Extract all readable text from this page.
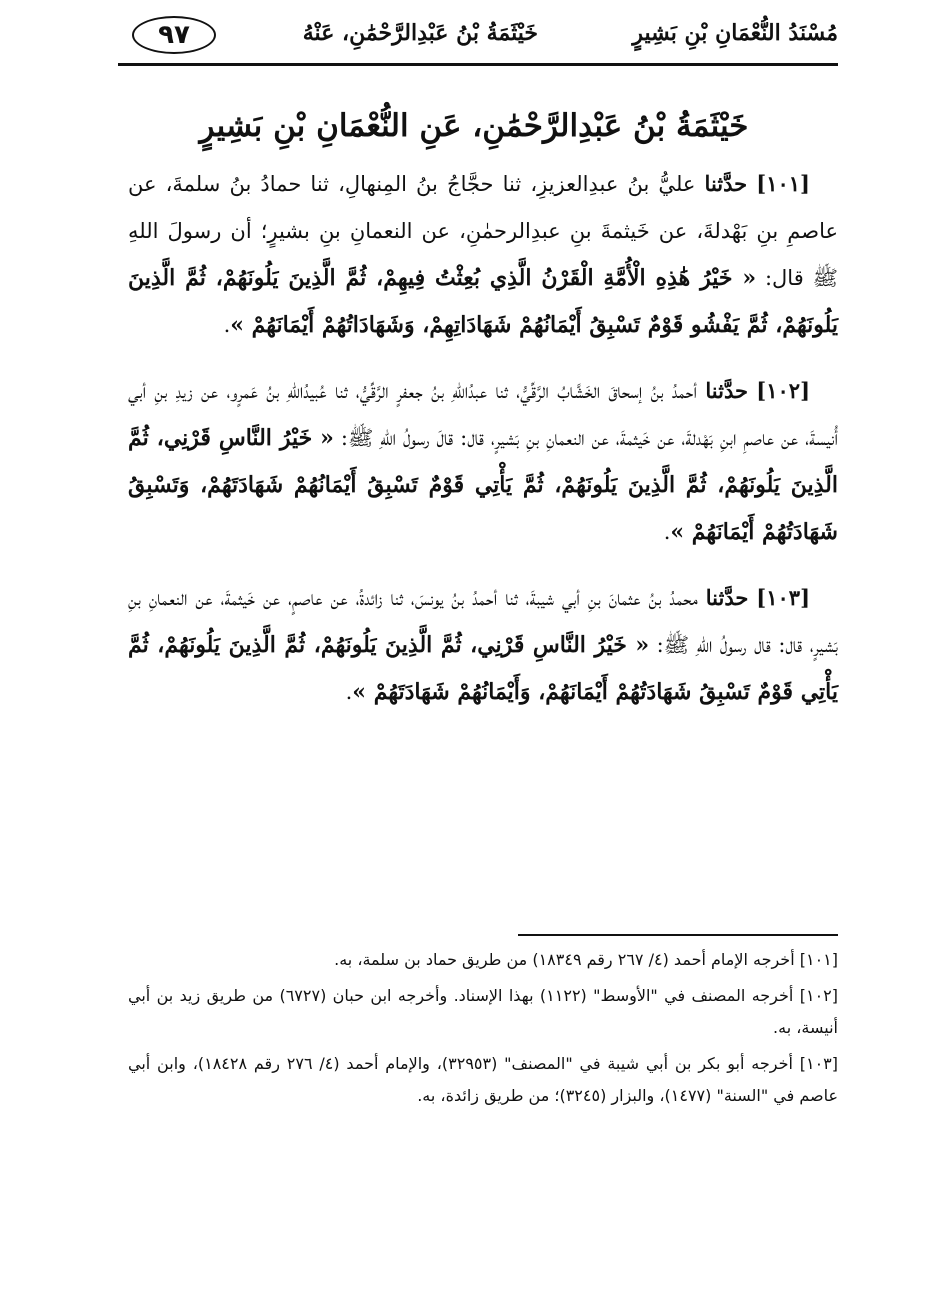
مُسْنَدُ النُّعْمَانِ بْنِ بَشِيرٍ
خَيْثَمَةُ بْنُ عَبْدِالرَّحْمَٰنِ، عَنْهُ
٩٧
خَيْثَمَةُ بْنُ عَبْدِالرَّحْمَٰنِ، عَنِ النُّعْمَانِ بْنِ بَشِيرٍ

[١٠١] حدَّثنا عليُّ بنُ عبدِالعزيزِ، ثنا حجَّاجُ بنُ المِنهالِ، ثنا حمادُ بنُ سلمةَ، عن عاصمِ بنِ بَهْدلةَ، عن خَيثمةَ بنِ عبدِالرحمٰنِ، عن النعمانِ بنِ بشيرٍ؛ أن رسولَ اللهِ ﷺ قال: « خَيْرُ هَٰذِهِ الْأُمَّةِ الْقَرْنُ الَّذِي بُعِثْتُ فِيهِمْ، ثُمَّ الَّذِينَ يَلُونَهُمْ، ثُمَّ الَّذِينَ يَلُونَهُمْ، ثُمَّ يَفْشُو قَوْمٌ تَسْبِقُ أَيْمَانُهُمْ شَهَادَاتِهِمْ، وَشَهَادَاتُهُمْ أَيْمَانَهُمْ ».

[١٠٢] حدَّثنا أحمدُ بنُ إسحاقَ الخَشَّابُ الرَّقِّيُّ، ثنا عبدُاللهِ بنُ جعفرٍ الرَّقِّيُّ، ثنا عُبيدُاللهِ بنُ عَمرٍو، عن زيدِ بنِ أبي أُنيسةَ، عن عاصمِ ابنِ بَهْدلةَ، عن خَيثمةَ، عن النعمانِ بنِ بَشيرٍ، قال: قالَ رسولُ اللهِ ﷺ: « خَيْرُ النَّاسِ قَرْنِي، ثُمَّ الَّذِينَ يَلُونَهُمْ، ثُمَّ الَّذِينَ يَلُونَهُمْ، ثُمَّ يَأْتِي قَوْمٌ تَسْبِقُ أَيْمَانُهُمْ شَهَادَتَهُمْ، وَتَسْبِقُ شَهَادَتُهُمْ أَيْمَانَهُمْ ».

[١٠٣] حدَّثنا محمدُ بنُ عثمانَ بنِ أبي شيبةَ، ثنا أحمدُ بنُ يونسَ، ثنا زائدةُ، عن عاصمٍ، عن خَيثمةَ، عن النعمانِ بنِ بَشيرٍ، قال: قال رسولُ اللهِ ﷺ: « خَيْرُ النَّاسِ قَرْنِي، ثُمَّ الَّذِينَ يَلُونَهُمْ، ثُمَّ الَّذِينَ يَلُونَهُمْ، ثُمَّ يَأْتِي قَوْمٌ تَسْبِقُ شَهَادَتُهُمْ أَيْمَانَهُمْ، وَأَيْمَانُهُمْ شَهَادَتَهُمْ ».

[١٠١] أخرجه الإمام أحمد (٤/ ٢٦٧ رقم ١٨٣٤٩) من طريق حماد بن سلمة، به.

[١٠٢] أخرجه المصنف في "الأوسط" (١١٢٢) بهذا الإسناد. وأخرجه ابن حبان (٦٧٢٧) من طريق زيد بن أبي أنيسة، به.

[١٠٣] أخرجه أبو بكر بن أبي شيبة في "المصنف" (٣٢٩٥٣)، والإمام أحمد (٤/ ٢٧٦ رقم ١٨٤٢٨)، وابن أبي عاصم في "السنة" (١٤٧٧)، والبزار (٣٢٤٥)؛ من طريق زائدة، به.
